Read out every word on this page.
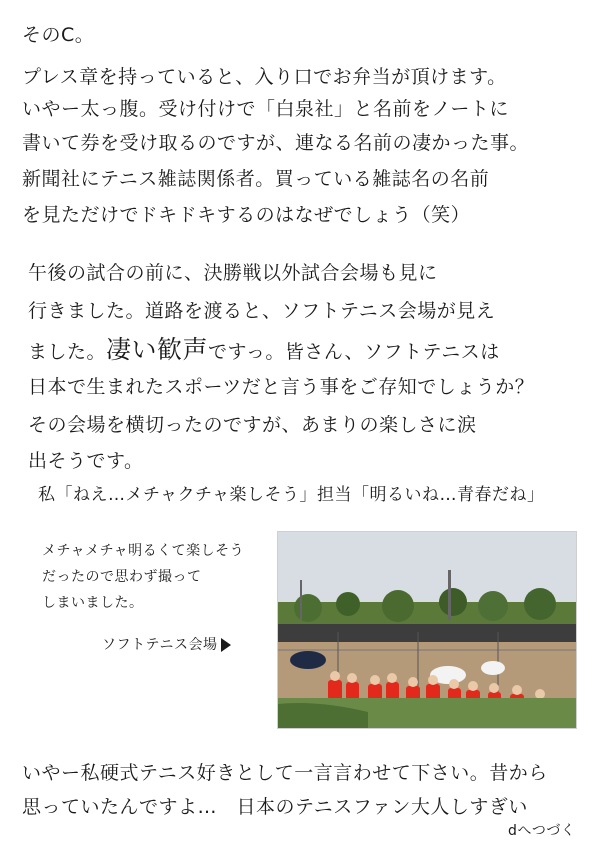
そのC。
プレス章を持っていると、入り口でお弁当が頂けます。
いやー太っ腹。受け付けで「白泉社」と名前をノートに
書いて券を受け取るのですが、連なる名前の凄かった事。
新聞社にテニス雑誌関係者。買っている雑誌名の名前
を見ただけでドキドキするのはなぜでしょう（笑）
午後の試合の前に、決勝戦以外試合会場も見に
行きました。道路を渡ると、ソフトテニス会場が見え
ました。凄い歓声ですっ。皆さん、ソフトテニスは
日本で生まれたスポーツだと言う事をご存知でしょうか？
その会場を横切ったのですが、あまりの楽しさに涙
出そうです。
私「ねえ…メチャクチャ楽しそう」担当「明るいね…青春だね」
メチャメチャ明るくて楽しそう
だったので思わず撮って
しまいました。
ソフトテニス会場
いやー私硬式テニス好きとして一言言わせて下さい。昔から
思っていたんですよ…　日本のテニスファン大人しすぎい
dへつづく
